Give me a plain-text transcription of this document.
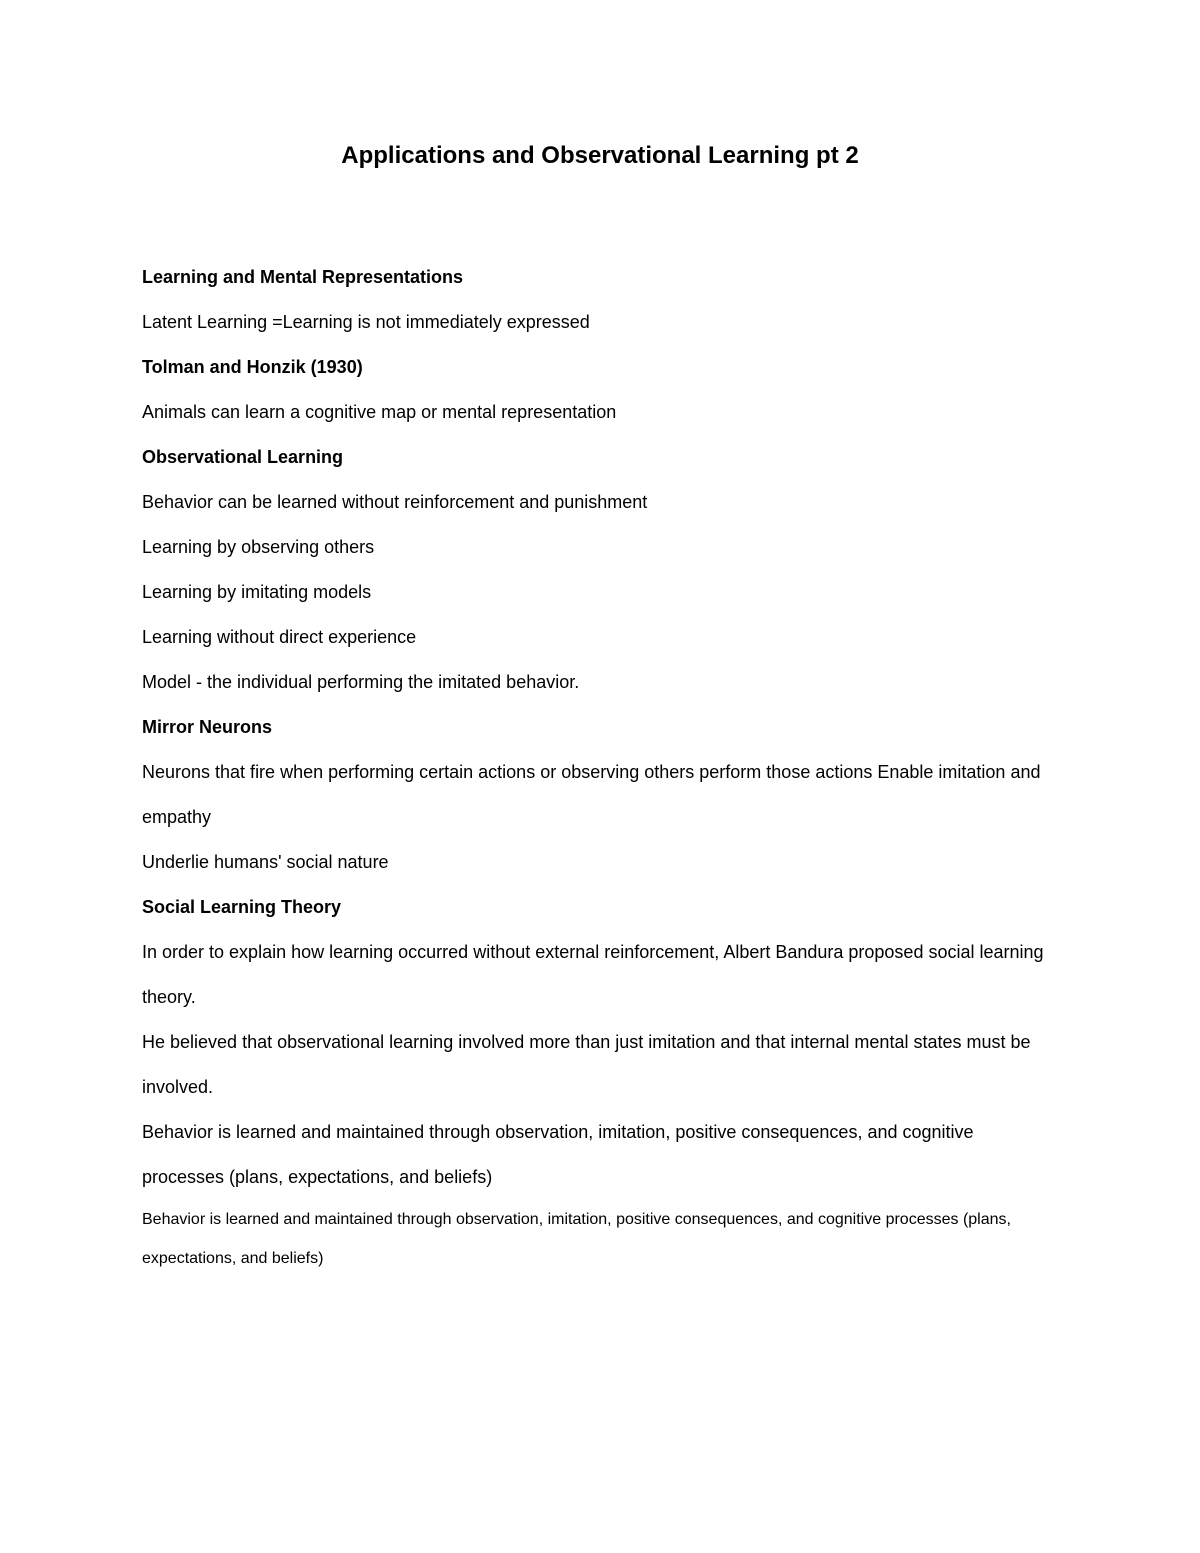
Applications and Observational Learning pt 2

Learning and Mental Representations

Latent Learning =Learning is not immediately expressed

Tolman and Honzik (1930)

Animals can learn a cognitive map or mental representation

Observational Learning

Behavior can be learned without reinforcement and punishment

Learning by observing others

Learning by imitating models

Learning without direct experience

Model - the individual performing the imitated behavior.

Mirror Neurons

Neurons that fire when performing certain actions or observing others perform those actions Enable imitation and empathy

Underlie humans' social nature

Social Learning Theory

In order to explain how learning occurred without external reinforcement, Albert Bandura proposed social learning theory.

He believed that observational learning involved more than just imitation and that internal mental states must be involved.

Behavior is learned and maintained through observation, imitation, positive consequences, and cognitive processes (plans, expectations, and beliefs)

Behavior is learned and maintained through observation, imitation, positive consequences, and cognitive processes (plans, expectations, and beliefs)
